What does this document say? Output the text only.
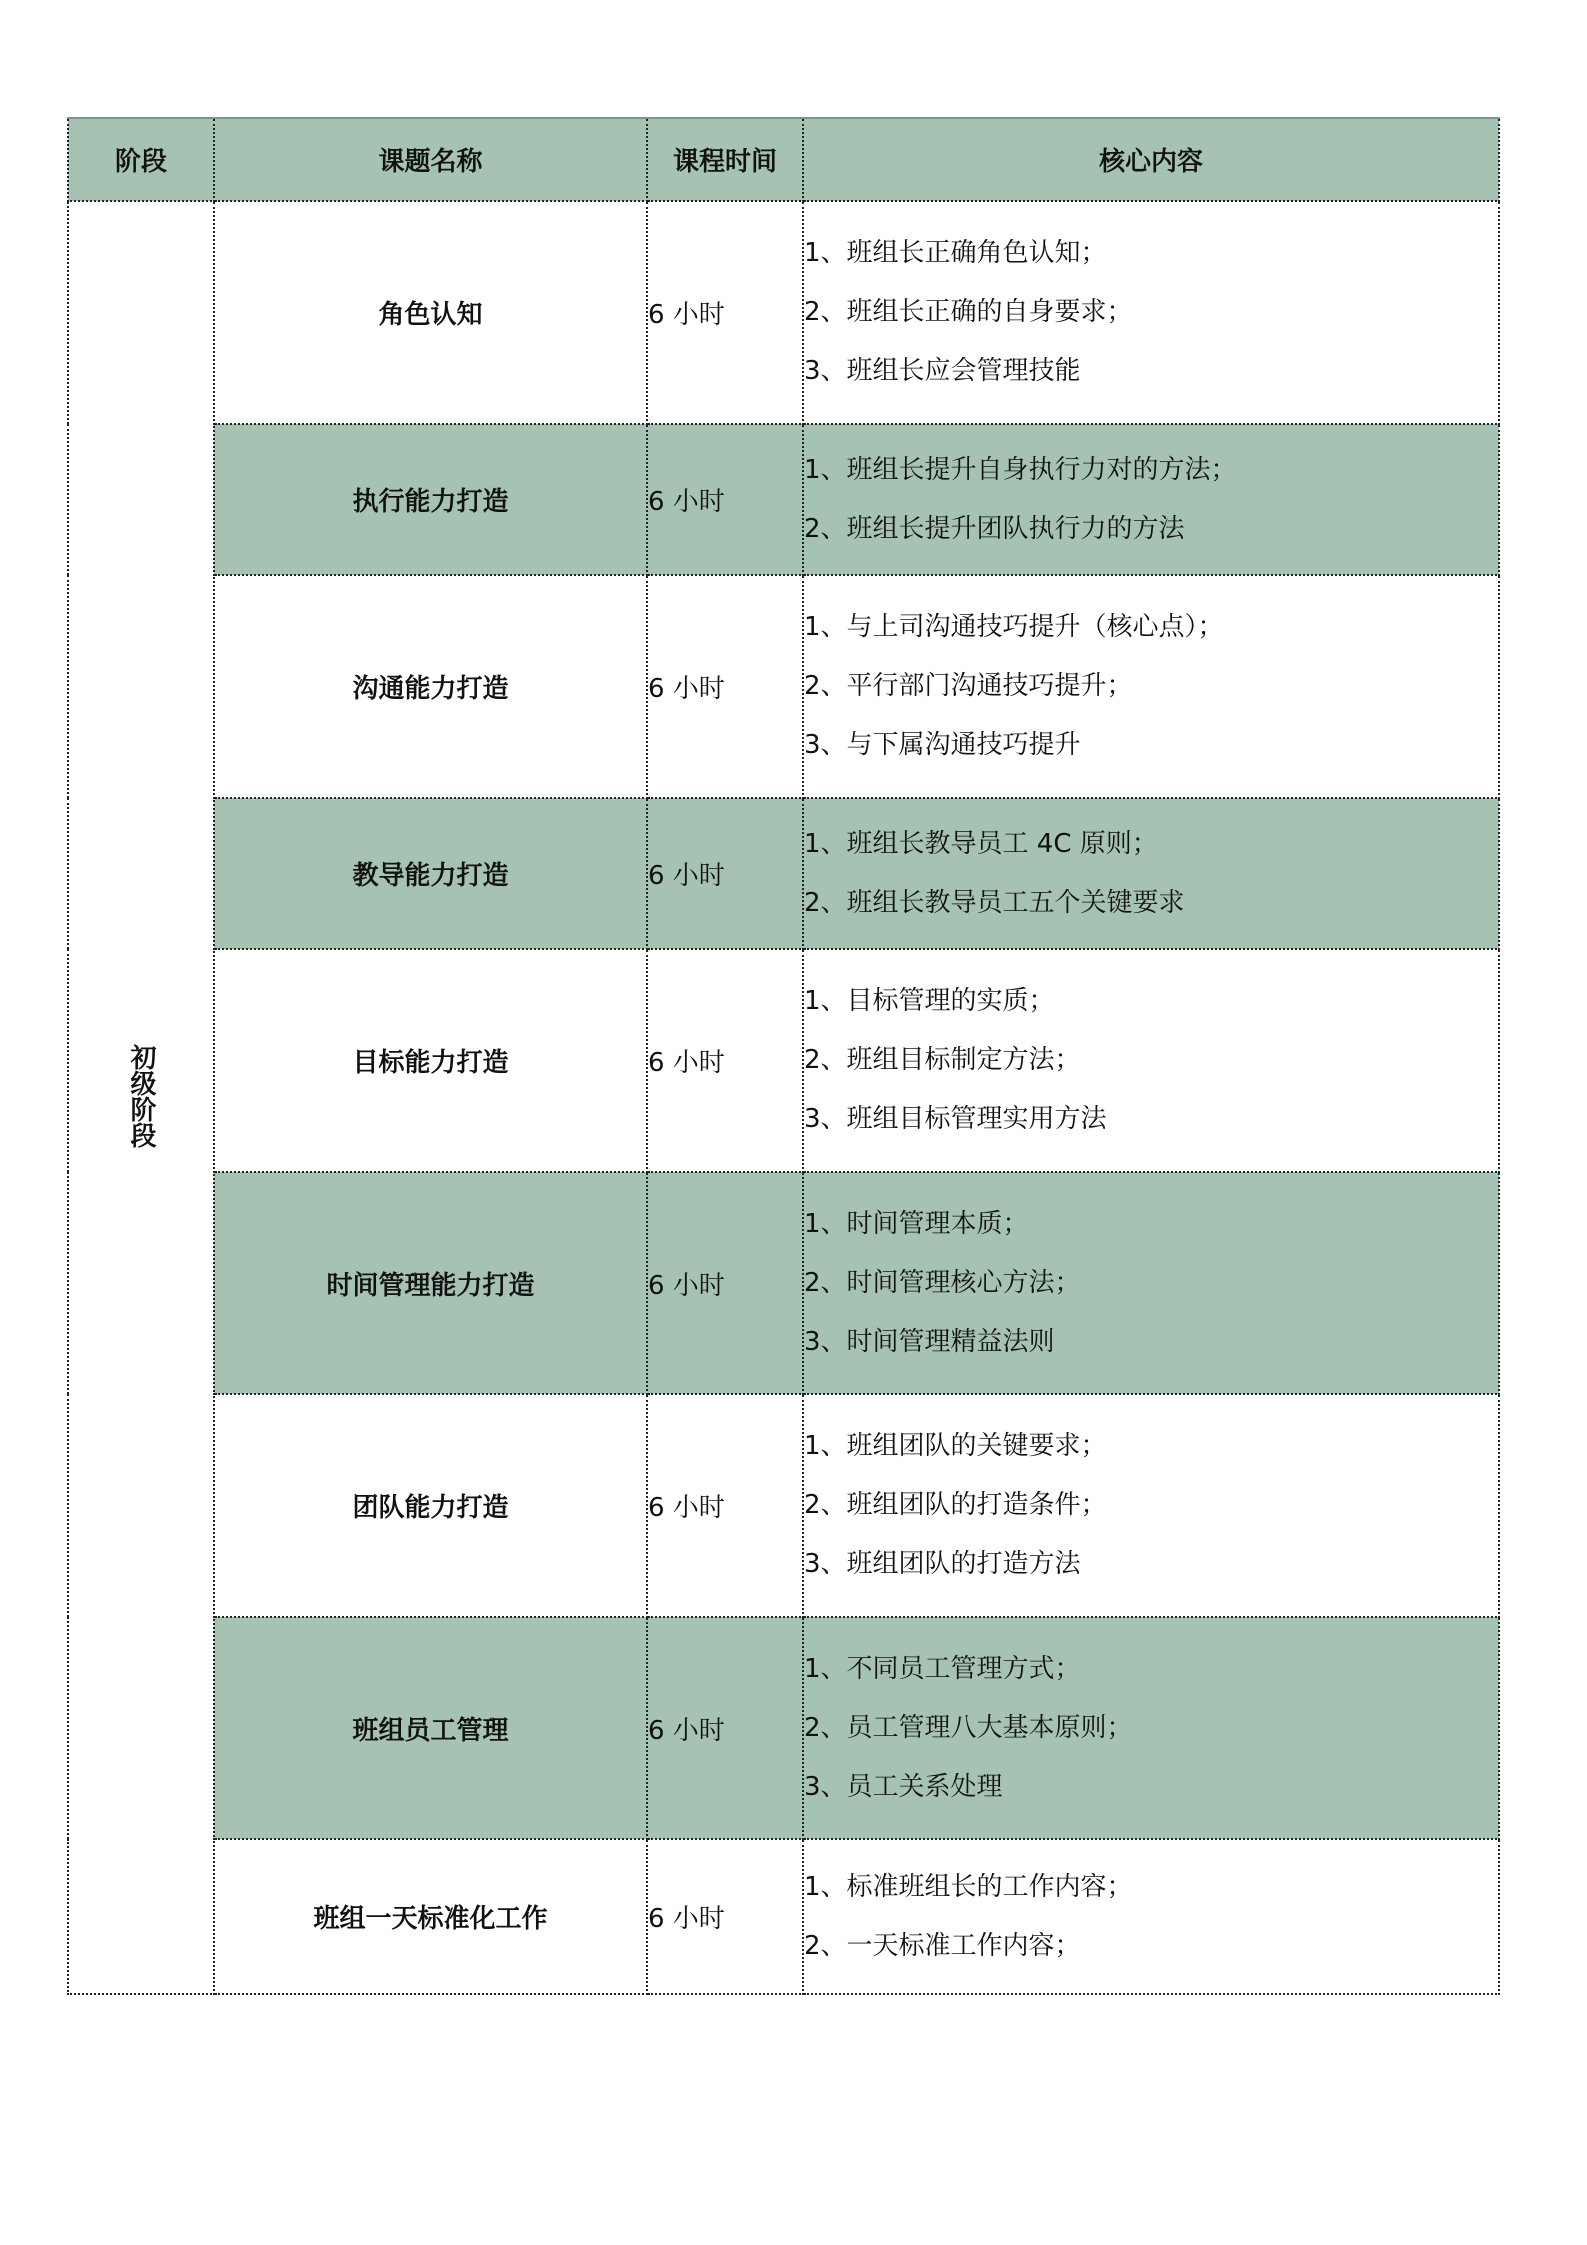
阶段	课题名称	课程时间	核心内容
初级阶段	角色认知	6 小时	1、班组长正确角色认知；
2、班组长正确的自身要求；
3、班组长应会管理技能

	执行能力打造	6 小时	1、班组长提升自身执行力对的方法；
2、班组长提升团队执行力的方法

	沟通能力打造	6 小时	1、与上司沟通技巧提升（核心点）；
2、平行部门沟通技巧提升；
3、与下属沟通技巧提升

	教导能力打造	6 小时	1、班组长教导员工 4C 原则；
2、班组长教导员工五个关键要求

	目标能力打造	6 小时	1、目标管理的实质；
2、班组目标制定方法；
3、班组目标管理实用方法

	时间管理能力打造	6 小时	1、时间管理本质；
2、时间管理核心方法；
3、时间管理精益法则

	团队能力打造	6 小时	1、班组团队的关键要求；
2、班组团队的打造条件；
3、班组团队的打造方法

	班组员工管理	6 小时	1、不同员工管理方式；
2、员工管理八大基本原则；
3、员工关系处理

	班组一天标准化工作	6 小时	1、标准班组长的工作内容；
2、一天标准工作内容；
